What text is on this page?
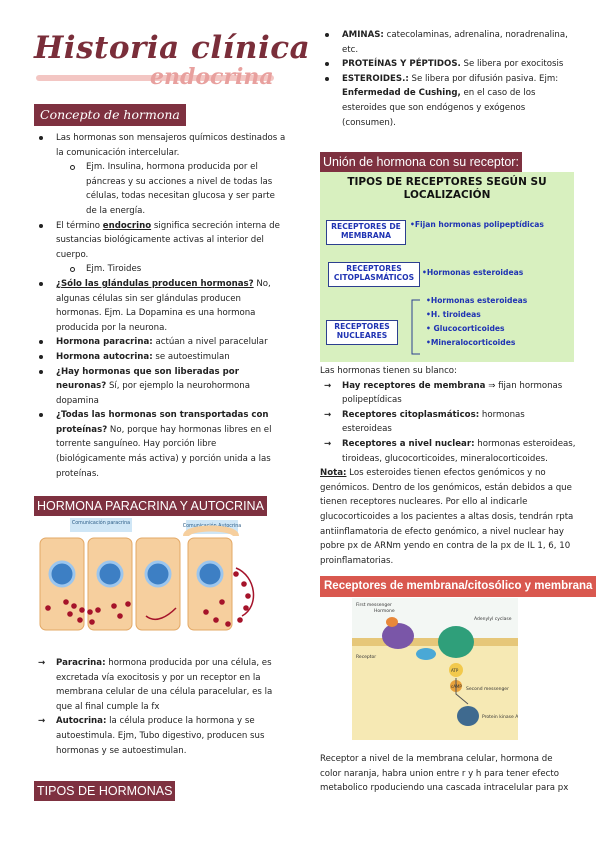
Historia clínica
endocrina
Concepto de hormona
Las hormonas son mensajeros químicos destinados a la comunicación intercelular.
Ejm. Insulina, hormona producida por el páncreas y su acciones a nivel de todas las células, todas necesitan glucosa y ser parte de la energía.
El término endocrino significa secreción interna de sustancias biológicamente activas al interior del cuerpo.
Ejm. Tiroides
¿Sólo las glándulas producen hormonas? No, algunas células sin ser glándulas producen hormonas. Ejm. La Dopamina es una hormona producida por la neurona.
Hormona paracrina: actúan a nivel paracelular
Hormona autocrina: se autoestimulan
¿Hay hormonas que son liberadas por neuronas? Sí, por ejemplo la neurohormona dopamina
¿Todas las hormonas son transportadas con proteínas? No, porque hay hormonas libres en el torrente sanguíneo. Hay porción libre (biológicamente más activa) y porción unida a las proteínas.
HORMONA PARACRINA Y AUTOCRINA
Comunicación paracrina
Comunicación Autocrina
→ Paracrina: hormona producida por una célula, es excretada vía exocitosis y por un receptor en la membrana celular de una célula paracelular, es la que al final cumple la fx
→ Autocrina: la célula produce la hormona y se autoestimula. Ejm, Tubo digestivo, producen sus hormonas y se autoestimulan.
TIPOS DE HORMONAS
AMINAS: catecolaminas, adrenalina, noradrenalina, etc.
PROTEÍNAS Y PÉPTIDOS. Se libera por exocitosis
ESTEROIDES.: Se libera por difusión pasiva. Ejm: Enfermedad de Cushing, en el caso de los esteroides que son endógenos y exógenos (consumen).
Unión de hormona con su receptor:
TIPOS DE RECEPTORES SEGÚN SU LOCALIZACIÓN
RECEPTORES DE MEMBRANA
•Fijan hormonas polipeptídicas
RECEPTORES CITOPLASMÁTICOS
•Hormonas esteroideas
RECEPTORES NUCLEARES
•Hormonas esteroideas
•H. tiroideas
• Glucocorticoides
•Mineralocorticoides
Las hormonas tienen su blanco:
→ Hay receptores de membrana ⇒ fijan hormonas polipeptídicas
→ Receptores citoplasmáticos: hormonas esteroideas
→ Receptores a nivel nuclear: hormonas esteroideas, tiroideas, glucocorticoides, mineralocorticoides.
Nota: Los esteroides tienen efectos genómicos y no genómicos. Dentro de los genómicos, están debidos a que tienen receptores nucleares. Por ello al indicarle glucocorticoides a los pacientes a altas dosis, tendrán rpta antiinflamatoria de efecto genómico, a nivel nuclear hay pobre px de ARNm yendo en contra de la px de IL 1, 6, 10 proinflamatorias.
Receptores de membrana/citosólico y membrana
First messenger
Hormone
Receptor
Adenylyl cyclase
Second messenger
Protein kinase A
ATP
cAMP
Receptor a nivel de la membrana celular, hormona de color naranja, habra union entre r y h para tener efecto metabolico rpoduciendo una cascada intracelular para px
